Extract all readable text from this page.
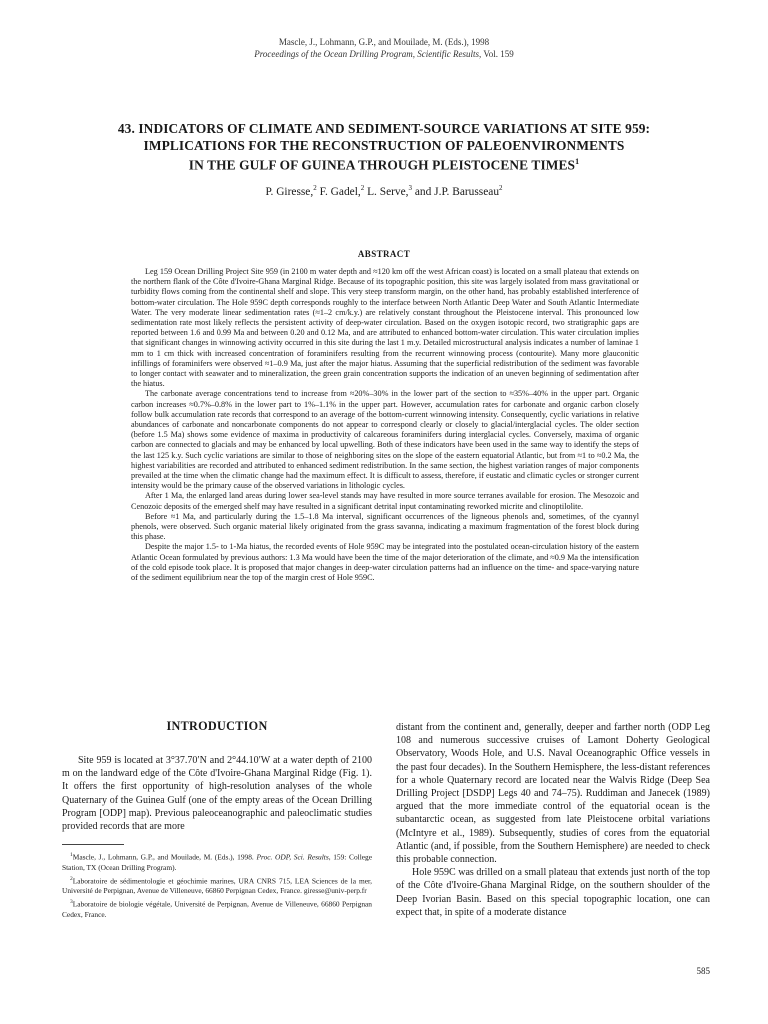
Mascle, J., Lohmann, G.P., and Mouilade, M. (Eds.), 1998
Proceedings of the Ocean Drilling Program, Scientific Results, Vol. 159
43. INDICATORS OF CLIMATE AND SEDIMENT-SOURCE VARIATIONS AT SITE 959:
IMPLICATIONS FOR THE RECONSTRUCTION OF PALEOENVIRONMENTS
IN THE GULF OF GUINEA THROUGH PLEISTOCENE TIMES$^1$
P. Giresse,$^2$ F. Gadel,$^2$ L. Serve,$^3$ and J.P. Barusseau$^2$
ABSTRACT

Leg 159 Ocean Drilling Project Site 959 (in 2100 m water depth and ≈120 km off the west African coast) is located on a small plateau that extends on the northern flank of the Côte d'Ivoire-Ghana Marginal Ridge. Because of its topographic position, this site was largely isolated from mass gravitational or turbidity flows coming from the continental shelf and slope. This very steep transform margin, on the other hand, has probably established interference of bottom-water circulation. The Hole 959C depth corresponds roughly to the interface between North Atlantic Deep Water and South Atlantic Intermediate Water. The very moderate linear sedimentation rates (≈1–2 cm/k.y.) are relatively constant throughout the Pleistocene interval. This pronounced low sedimentation rate most likely reflects the persistent activity of deep-water circulation. Based on the oxygen isotopic record, two stratigraphic gaps are reported between 1.6 and 0.99 Ma and between 0.20 and 0.12 Ma, and are attributed to enhanced bottom-water circulation. This water circulation implies that significant changes in winnowing activity occurred in this site during the last 1 m.y. Detailed microstructural analysis indicates a number of laminae 1 mm to 1 cm thick with increased concentration of foraminifers resulting from the recurrent winnowing process (contourite). Many more glauconitic infillings of foraminifers were observed ≈1–0.9 Ma, just after the major hiatus. Assuming that the superficial redistribution of the sediment was favorable to longer contact with seawater and to mineralization, the green grain concentration supports the indication of an uneven beginning of sedimentation after the hiatus.

The carbonate average concentrations tend to increase from ≈20%–30% in the lower part of the section to ≈35%–40% in the upper part. Organic carbon increases ≈0.7%–0.8% in the lower part to 1%–1.1% in the upper part. However, accumulation rates for carbonate and organic carbon closely follow bulk accumulation rate records that correspond to an average of the bottom-current winnowing intensity. Consequently, cyclic variations in relative abundances of carbonate and noncarbonate components do not appear to correspond clearly or closely to glacial/interglacial cycles. The older section (before 1.5 Ma) shows some evidence of maxima in productivity of calcareous foraminifers during interglacial cycles. Conversely, maxima of organic carbon are connected to glacials and may be enhanced by local upwelling. Both of these indicators have been used in the same way to identify the steps of the last 125 k.y. Such cyclic variations are similar to those of neighboring sites on the slope of the eastern equatorial Atlantic, but from ≈1 to ≈0.2 Ma, the highest variabilities are recorded and attributed to enhanced sediment redistribution. In the same section, the highest variation ranges of major components prevailed at the time when the climatic change had the maximum effect. It is difficult to assess, therefore, if eustatic and climatic cycles or stronger current intensity would be the primary cause of the observed variations in lithologic cycles.

After 1 Ma, the enlarged land areas during lower sea-level stands may have resulted in more source terranes available for erosion. The Mesozoic and Cenozoic deposits of the emerged shelf may have resulted in a significant detrital input contaminating reworked micrite and clinoptilolite.

Before ≈1 Ma, and particularly during the 1.5–1.8 Ma interval, significant occurrences of the ligneous phenols and, sometimes, of the cyannyl phenols, were observed. Such organic material likely originated from the grass savanna, indicating a maximum fragmentation of the forest block during this phase.

Despite the major 1.5- to 1-Ma hiatus, the recorded events of Hole 959C may be integrated into the postulated ocean-circulation history of the eastern Atlantic Ocean formulated by previous authors: 1.3 Ma would have been the time of the major deterioration of the climate, and ≈0.9 Ma the intensification of the cold episode took place. It is proposed that major changes in deep-water circulation patterns had an influence on the time- and space-varying nature of the sediment equilibrium near the top of the margin crest of Hole 959C.

INTRODUCTION

Site 959 is located at 3°37.70′N and 2°44.10′W at a water depth of 2100 m on the landward edge of the Côte d'Ivoire-Ghana Marginal Ridge (Fig. 1). It offers the first opportunity of high-resolution analyses of the whole Quaternary of the Guinea Gulf (one of the empty areas of the Ocean Drilling Program [ODP] map). Previous paleoceanographic and paleoclimatic studies provided records that are more

$^1$Mascle, J., Lohmann, G.P., and Mouilade, M. (Eds.), 1998. Proc. ODP, Sci. Results, 159: College Station, TX (Ocean Drilling Program).

$^2$Laboratoire de sédimentologie et géochimie marines, URA CNRS 715, LEA Sciences de la mer, Université de Perpignan, Avenue de Villeneuve, 66860 Perpignan Cedex, France. giresse@univ-perp.fr

$^3$Laboratoire de biologie végétale, Université de Perpignan, Avenue de Villeneuve, 66860 Perpignan Cedex, France.

distant from the continent and, generally, deeper and farther north (ODP Leg 108 and numerous successive cruises of Lamont Doherty Geological Observatory, Woods Hole, and U.S. Naval Oceanographic Office vessels in the past four decades). In the Southern Hemisphere, the less-distant references for a whole Quaternary record are located near the Walvis Ridge (Deep Sea Drilling Project [DSDP] Legs 40 and 74–75). Ruddiman and Janecek (1989) argued that the more immediate control of the equatorial ocean is the subantarctic ocean, as suggested from late Pleistocene orbital variations (McIntyre et al., 1989). Subsequently, studies of cores from the equatorial Atlantic (and, if possible, from the Southern Hemisphere) are needed to check this probable connection.

Hole 959C was drilled on a small plateau that extends just north of the top of the Côte d'Ivoire-Ghana Marginal Ridge, on the southern shoulder of the Deep Ivorian Basin. Based on this special topographic location, one can expect that, in spite of a moderate distance

585
